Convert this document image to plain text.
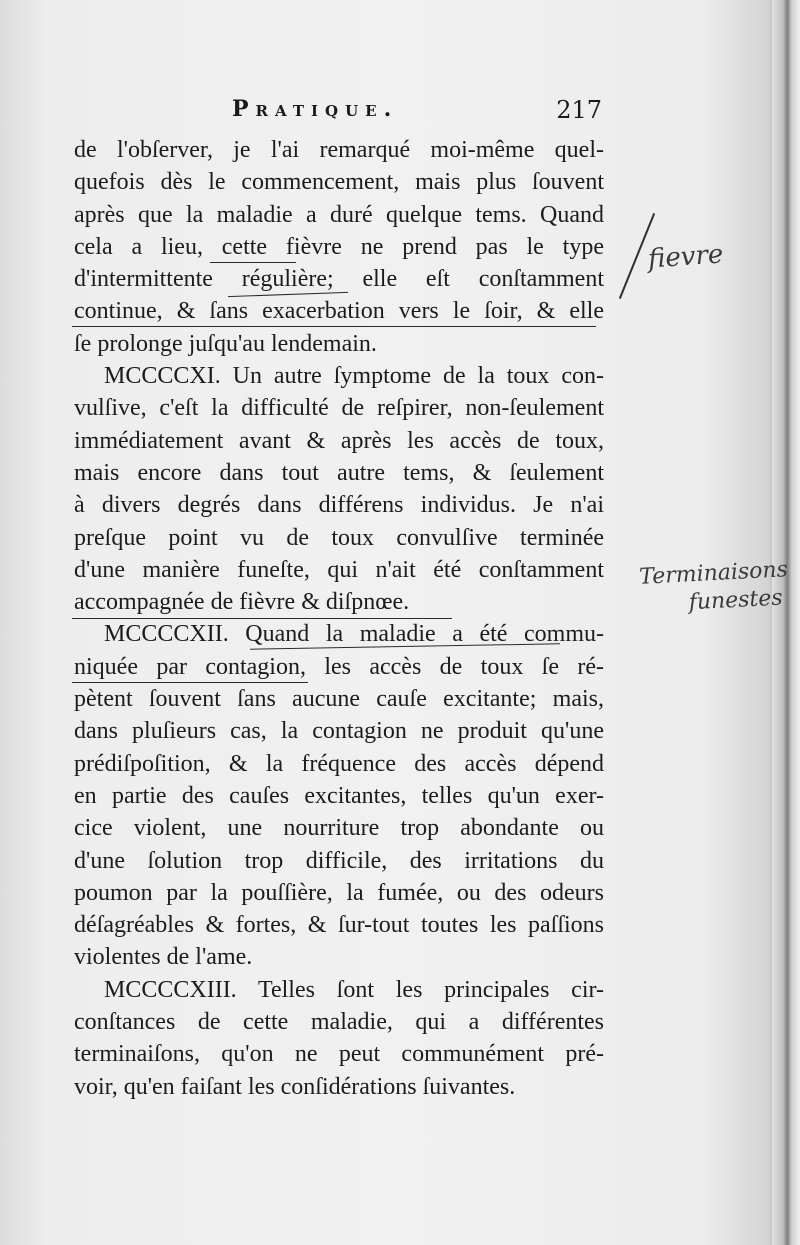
Pratique.	217
de l'obſerver, je l'ai remarqué moi-même quel-
quefois dès le commencement, mais plus ſouvent
après que la maladie a duré quelque tems. Quand
cela a lieu, cette fièvre ne prend pas le type
d'intermittente régulière; elle eſt conſtamment
continue, & ſans exacerbation vers le ſoir, & elle
ſe prolonge juſqu'au lendemain.
MCCCCXI. Un autre ſymptome de la toux con-
vulſive, c'eſt la difficulté de reſpirer, non-ſeulement
immédiatement avant & après les accès de toux,
mais encore dans tout autre tems, & ſeulement
à divers degrés dans différens individus. Je n'ai
preſque point vu de toux convulſive terminée
d'une manière funeſte, qui n'ait été conſtamment
accompagnée de fièvre & diſpnœe.
MCCCCXII. Quand la maladie a été commu-
niquée par contagion, les accès de toux ſe ré-
pètent ſouvent ſans aucune cauſe excitante; mais,
dans pluſieurs cas, la contagion ne produit qu'une
prédiſpoſition, & la fréquence des accès dépend
en partie des cauſes excitantes, telles qu'un exer-
cice violent, une nourriture trop abondante ou
d'une ſolution trop difficile, des irritations du
poumon par la pouſſière, la fumée, ou des odeurs
déſagréables & fortes, & ſur-tout toutes les paſſions
violentes de l'ame.
MCCCCXIII. Telles ſont les principales cir-
conſtances de cette maladie, qui a différentes
terminaiſons, qu'on ne peut communément pré-
voir, qu'en faiſant les conſidérations ſuivantes.
fievre
Terminaisons
funestes
